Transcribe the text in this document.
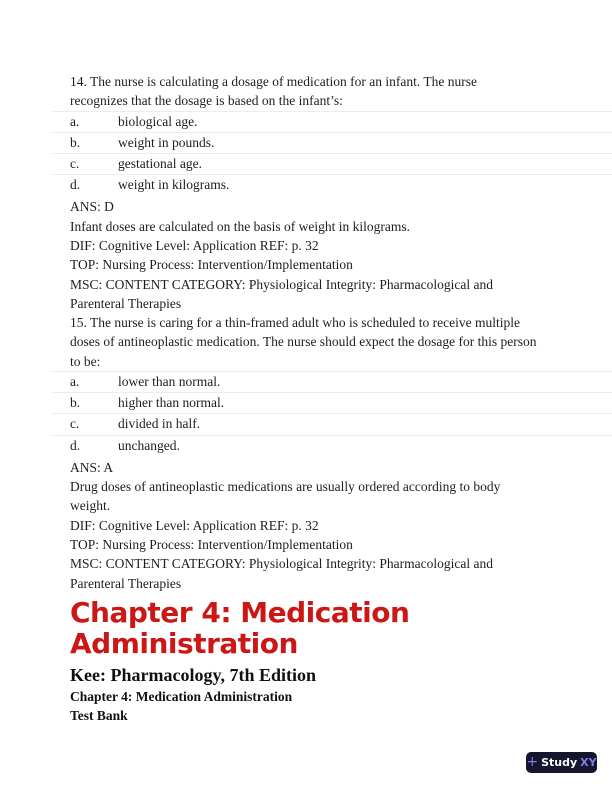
14. The nurse is calculating a dosage of medication for an infant. The nurse
recognizes that the dosage is based on the infant’s:
a.	biological age.
b.	weight in pounds.
c.	gestational age.
d.	weight in kilograms.
ANS: D
Infant doses are calculated on the basis of weight in kilograms.
DIF: Cognitive Level: Application REF: p. 32
TOP: Nursing Process: Intervention/Implementation
MSC: CONTENT CATEGORY: Physiological Integrity: Pharmacological and
Parenteral Therapies
15. The nurse is caring for a thin-framed adult who is scheduled to receive multiple
doses of antineoplastic medication. The nurse should expect the dosage for this person
to be:
a.	lower than normal.
b.	higher than normal.
c.	divided in half.
d.	unchanged.
ANS: A
Drug doses of antineoplastic medications are usually ordered according to body
weight.
DIF: Cognitive Level: Application REF: p. 32
TOP: Nursing Process: Intervention/Implementation
MSC: CONTENT CATEGORY: Physiological Integrity: Pharmacological and
Parenteral Therapies
Chapter 4: Medication Administration
Kee: Pharmacology, 7th Edition
Chapter 4: Medication Administration
Test Bank
+ Study XY
